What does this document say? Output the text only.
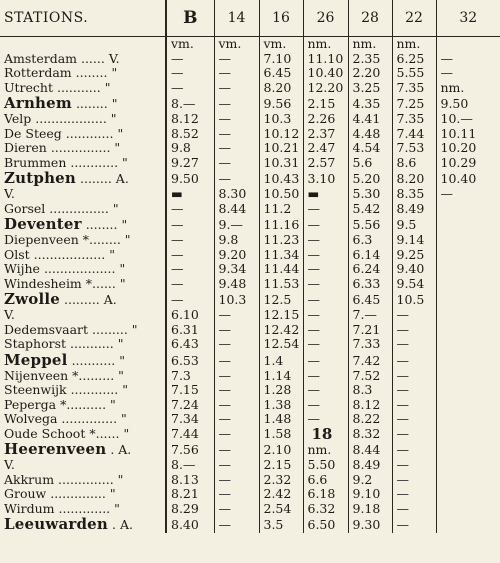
STATIONS.	B	14	16	26	28	22	32
	vm.	vm.	vm.	nm.	nm.	nm.	
Amsterdam ...... V.	—	—	7.10	11.10	2.35	6.25	—
Rotterdam ........ "	—	—	6.45	10.40	2.20	5.55	—
Utrecht ........... "	—	—	8.20	12.20	3.25	7.35	nm.
Arnhem ........ "	8.—	—	9.56	2.15	4.35	7.25	9.50
Velp .................. "	8.12	—	10.3	2.26	4.41	7.35	10.—
De Steeg ............ "	8.52	—	10.12	2.37	4.48	7.44	10.11
Dieren ............... "	9.8	—	10.21	2.47	4.54	7.53	10.20
Brummen ............ "	9.27	—	10.31	2.57	5.6	8.6	10.29
Zutphen ........ A.	9.50	—	10.43	3.10	5.20	8.20	10.40
V.	▬	8.30	10.50	▬	5.30	8.35	—
Gorsel ............... "	—	8.44	11.2	—	5.42	8.49	
Deventer ........ "	—	9.—	11.16	—	5.56	9.5	
Diepenveen *........ "	—	9.8	11.23	—	6.3	9.14	
Olst .................. "	—	9.20	11.34	—	6.14	9.25	
Wijhe .................. "	—	9.34	11.44	—	6.24	9.40	
Windesheim *...... "	—	9.48	11.53	—	6.33	9.54	
Zwolle ......... A.	—	10.3	12.5	—	6.45	10.5	
V.	6.10	—	12.15	—	7.—	—	
Dedemsvaart ......... "	6.31	—	12.42	—	7.21	—	
Staphorst ........... "	6.43	—	12.54	—	7.33	—	
Meppel ........... "	6.53	—	1.4	—	7.42	—	
Nijenveen *......... "	7.3	—	1.14	—	7.52	—	
Steenwijk ............ "	7.15	—	1.28	—	8.3	—	
Peperga *.......... "	7.24	—	1.38	—	8.12	—	
Wolvega .............. "	7.34	—	1.48	—	8.22	—	
Oude Schoot *...... "	7.44	—	1.58	18	8.32	—	
Heerenveen . A.	7.56	—	2.10	nm.	8.44	—	
V.	8.—	—	2.15	5.50	8.49	—	
Akkrum .............. "	8.13	—	2.32	6.6	9.2	—	
Grouw .............. "	8.21	—	2.42	6.18	9.10	—	
Wirdum ............. "	8.29	—	2.54	6.32	9.18	—	
Leeuwarden . A.	8.40	—	3.5	6.50	9.30	—	
